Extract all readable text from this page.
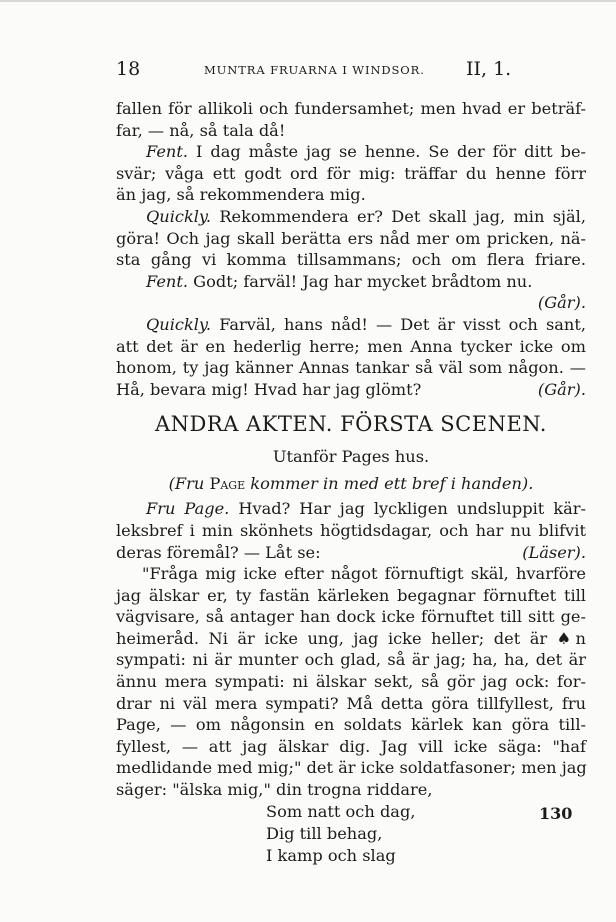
18	MUNTRA FRUARNA I WINDSOR. II, 1.
fallen för allikoli och fundersamhet; men hvad er beträf-
far, — nå, så tala då!
Fent. I dag måste jag se henne. Se der för ditt be-
svär; våga ett godt ord för mig: träffar du henne förr
än jag, så rekommendera mig.
Quickly. Rekommendera er? Det skall jag, min själ,
göra! Och jag skall berätta ers nåd mer om pricken, nä-
sta gång vi komma tillsammans; och om flera friare.
Fent. Godt; farväl! Jag har mycket brådtom nu.
(Går).
Quickly. Farväl, hans nåd! — Det är visst och sant,
att det är en hederlig herre; men Anna tycker icke om
honom, ty jag känner Annas tankar så väl som någon. —
Hå, bevara mig! Hvad har jag glömt?	(Går).
ANDRA AKTEN. FÖRSTA SCENEN.
Utanför Pages hus.
(Fru Page kommer in med ett bref i handen).
Fru Page. Hvad? Har jag lyckligen undsluppit kär-
leksbref i min skönhets högtidsdagar, och har nu blifvit
deras föremål? — Låt se:	(Läser).
"Fråga mig icke efter något förnuftigt skäl, hvarföre
jag älskar er, ty fastän kärleken begagnar förnuftet till
vägvisare, så antager han dock icke förnuftet till sitt ge-
heimeråd. Ni är icke ung, jag icke heller; det är ♠n
sympati: ni är munter och glad, så är jag; ha, ha, det är
ännu mera sympati: ni älskar sekt, så gör jag ock: for-
drar ni väl mera sympati? Må detta göra tillfyllest, fru
Page, — om någonsin en soldats kärlek kan göra till-
fyllest, — att jag älskar dig. Jag vill icke säga: "haf
medlidande med mig;" det är icke soldatfasoner; men jag
säger: "älska mig," din trogna riddare,
Som natt och dag,
Dig till behag,
I kamp och slag
130
